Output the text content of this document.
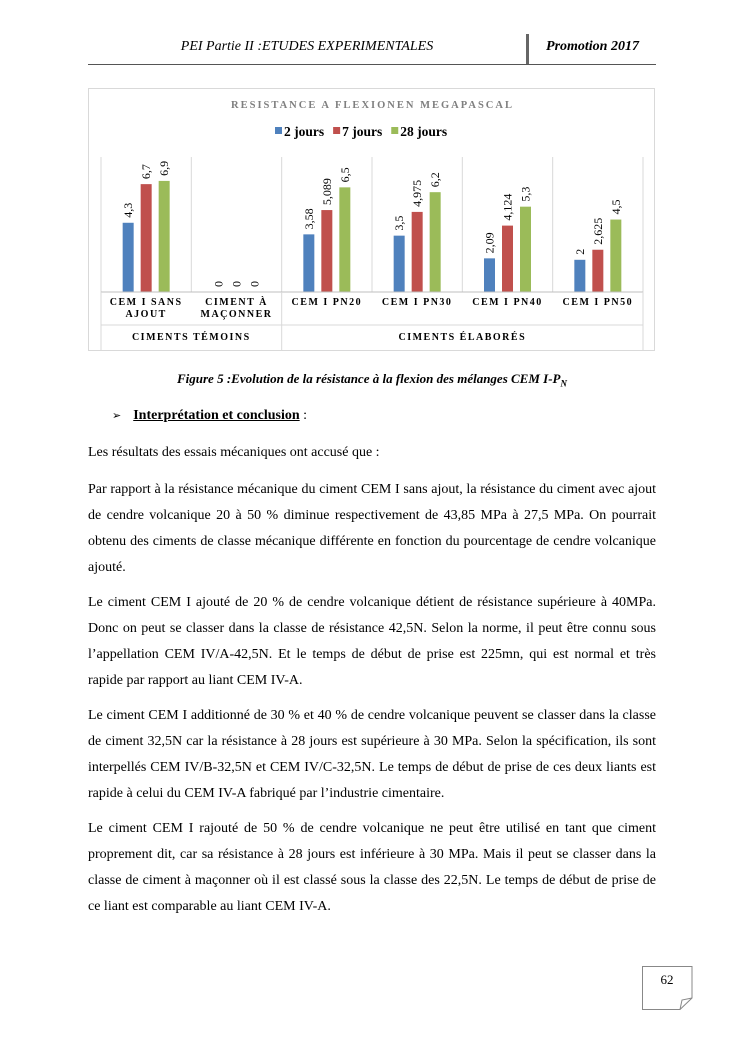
PEI Partie II :ETUDES EXPERIMENTALES	Promotion 2017
RESISTANCE A FLEXIONEN MEGAPASCAL
2 jours 7 jours 28 jours
4,3
6,7 6,9
0 0 0
3,58
5,089
6,5
3,5
4,975
6,2
2,09
4,124 5,3
2
2,625
4,5
CEM I SANS
AJOUT
CIMENT À
MAÇONNER
CEM I PN20 CEM I PN30 CEM I PN40 CEM I PN50
CIMENTS TÉMOINS	CIMENTS ÉLABORÉS
Figure 5 :Evolution de la résistance à la flexion des mélanges CEM $I-P_N$
➢ Interprétation et conclusion :

Les résultats des essais mécaniques ont accusé que :

Par rapport à la résistance mécanique du ciment CEM I sans ajout, la résistance du ciment avec ajout de cendre volcanique 20 à 50 % diminue respectivement de 43,85 MPa à 27,5 MPa. On pourrait obtenu des ciments de classe mécanique différente en fonction du pourcentage de cendre volcanique ajouté.

Le ciment CEM I ajouté de 20 % de cendre volcanique détient de résistance supérieure à 40MPa. Donc on peut se classer dans la classe de résistance 42,5N. Selon la norme, il peut être connu sous l’appellation CEM IV/A-42,5N. Et le temps de début de prise est 225mn, qui est normal et très rapide par rapport au liant CEM IV-A.

Le ciment CEM I additionné de 30 % et 40 % de cendre volcanique peuvent se classer dans la classe de ciment 32,5N car la résistance à 28 jours est supérieure à 30 MPa. Selon la spécification, ils sont interpellés CEM IV/B-32,5N et CEM IV/C-32,5N. Le temps de début de prise de ces deux liants est rapide à celui du CEM IV-A fabriqué par l’industrie cimentaire.

Le ciment CEM I rajouté de 50 % de cendre volcanique ne peut être utilisé en tant que ciment proprement dit, car sa résistance à 28 jours est inférieure à 30 MPa. Mais il peut se classer dans la classe de ciment à maçonner où il est classé sous la classe des 22,5N. Le temps de début de prise de ce liant est comparable au liant CEM IV-A.

62
